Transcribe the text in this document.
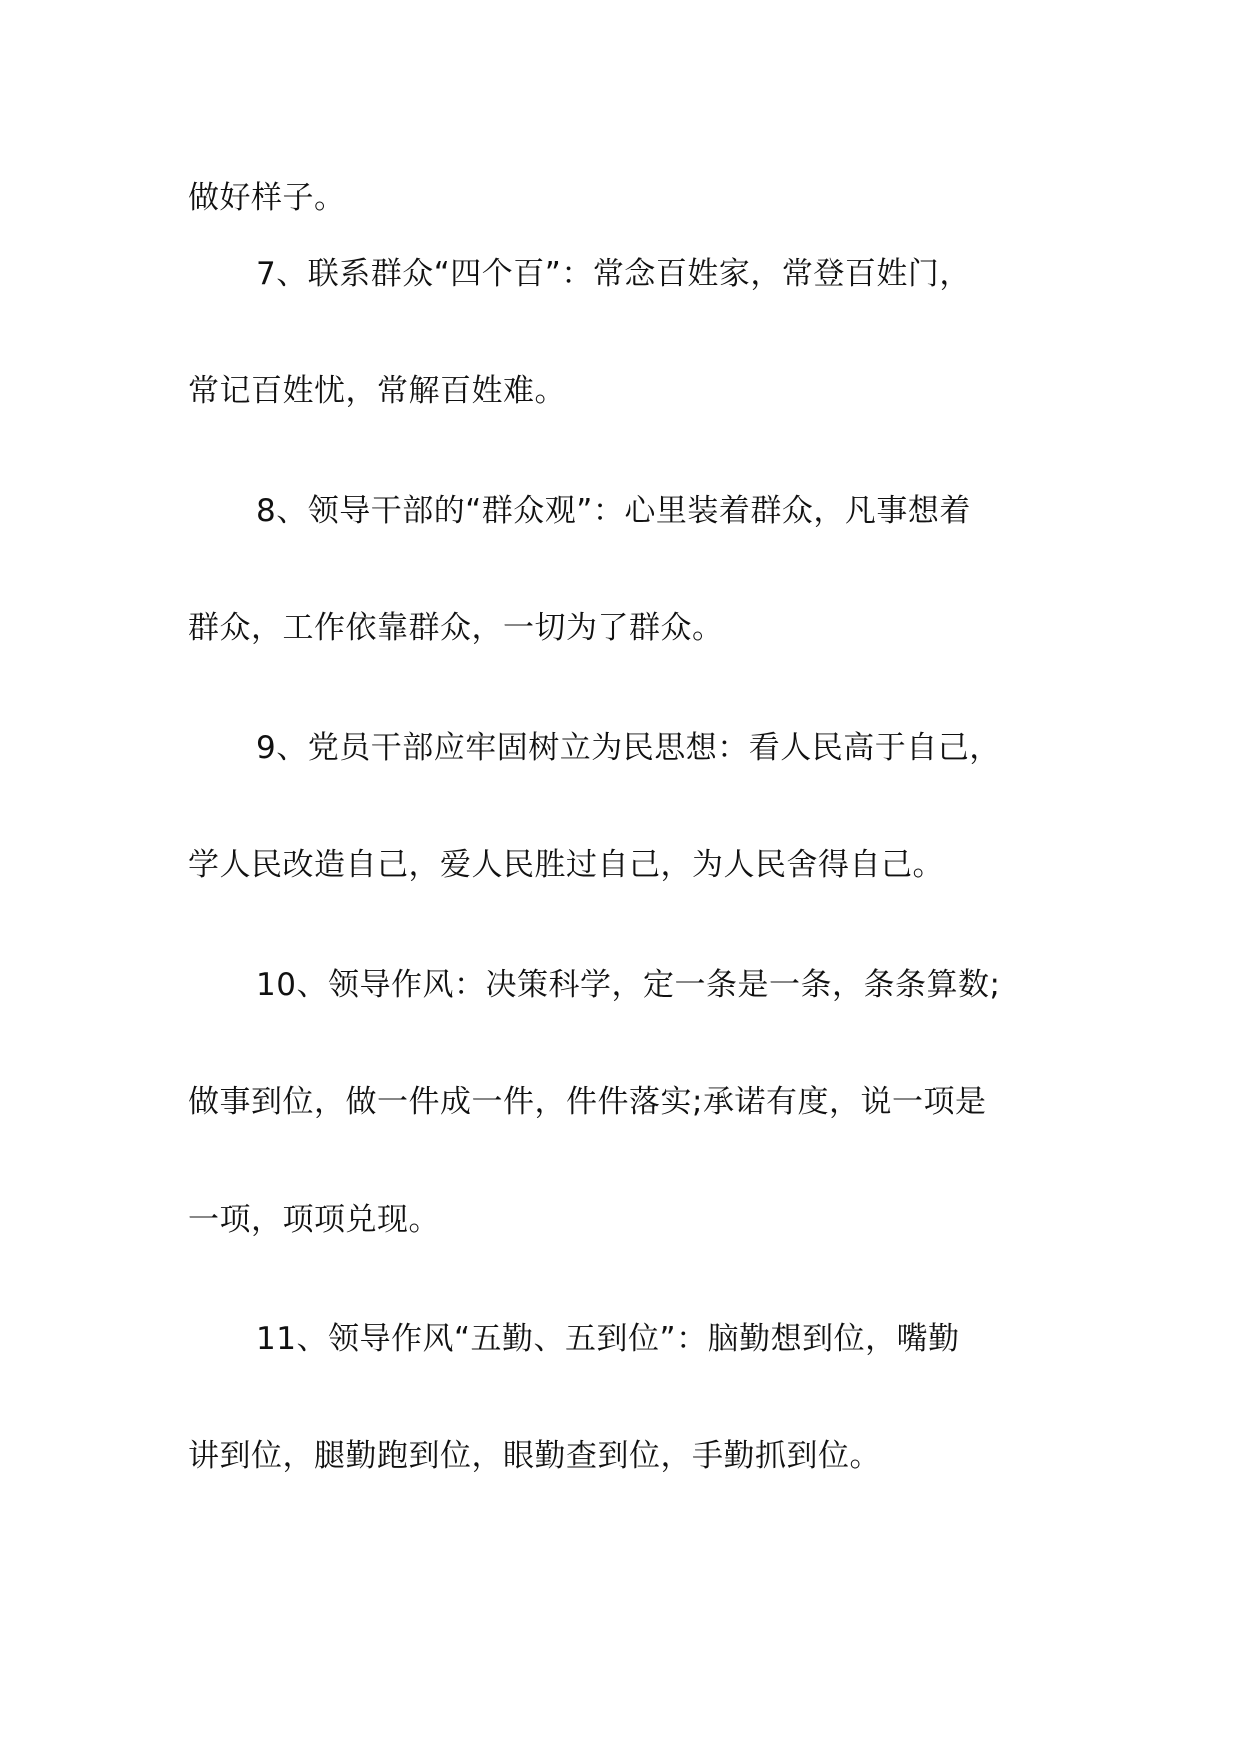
做好样子。

7、联系群众“四个百”：常念百姓家，常登百姓门，

常记百姓忧，常解百姓难。

8、领导干部的“群众观”：心里装着群众，凡事想着

群众，工作依靠群众，一切为了群众。

9、党员干部应牢固树立为民思想：看人民高于自己，

学人民改造自己，爱人民胜过自己，为人民舍得自己。

10、领导作风：决策科学，定一条是一条，条条算数;

做事到位，做一件成一件，件件落实;承诺有度，说一项是

一项，项项兑现。

11、领导作风“五勤、五到位”：脑勤想到位，嘴勤

讲到位，腿勤跑到位，眼勤查到位，手勤抓到位。
